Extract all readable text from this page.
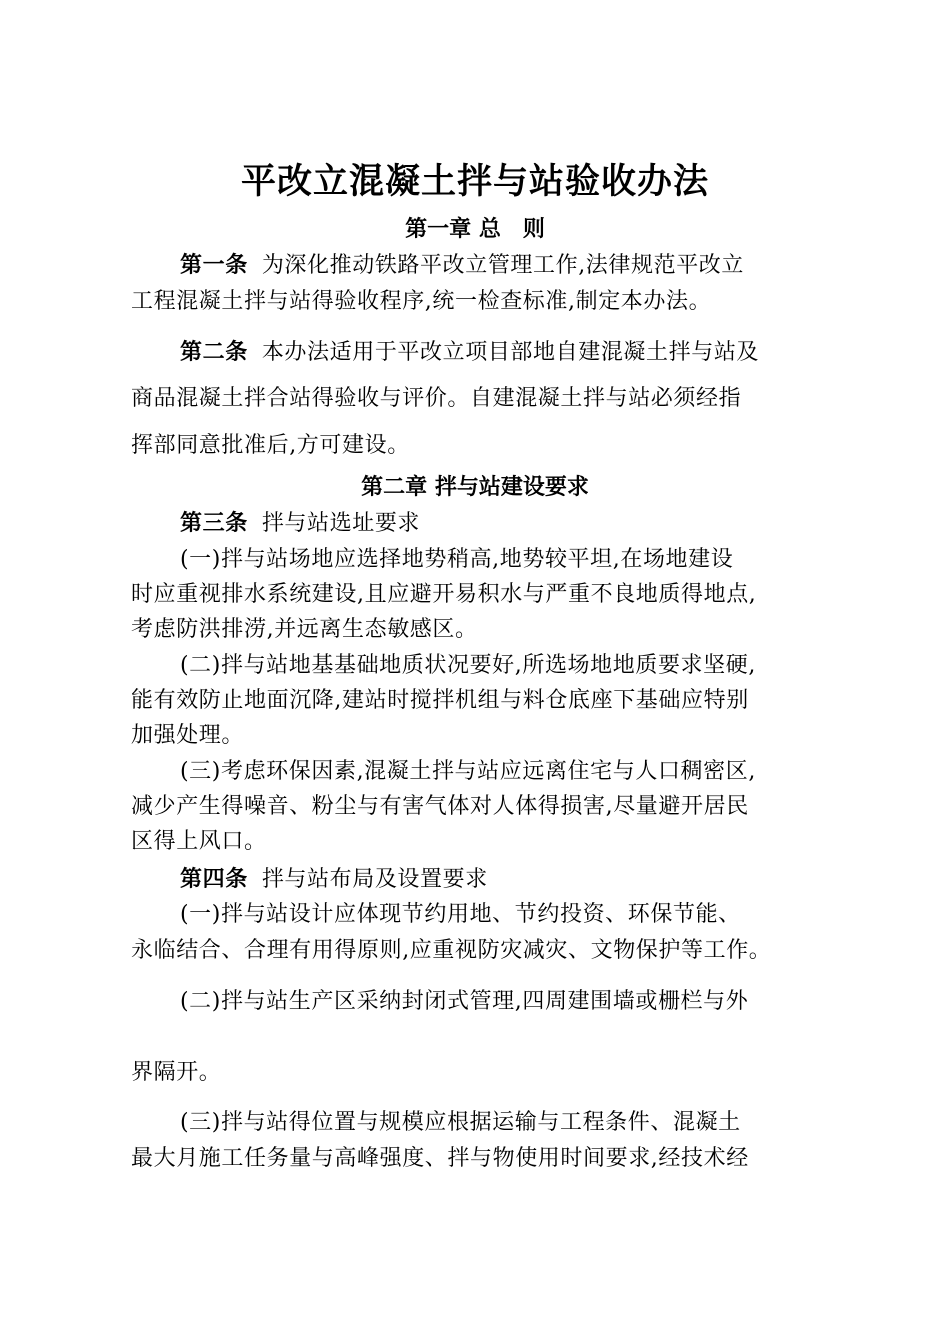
平改立混凝土拌与站验收办法
第一章 总　则
第一条 为深化推动铁路平改立管理工作,法律规范平改立
工程混凝土拌与站得验收程序,统一检查标准,制定本办法。
第二条 本办法适用于平改立项目部地自建混凝土拌与站及
商品混凝土拌合站得验收与评价。自建混凝土拌与站必须经指
挥部同意批准后,方可建设。
第二章 拌与站建设要求
第三条 拌与站选址要求
(一)拌与站场地应选择地势稍高,地势较平坦,在场地建设
时应重视排水系统建设,且应避开易积水与严重不良地质得地点,
考虑防洪排涝,并远离生态敏感区。
(二)拌与站地基基础地质状况要好,所选场地地质要求坚硬,
能有效防止地面沉降,建站时搅拌机组与料仓底座下基础应特别
加强处理。
(三)考虑环保因素,混凝土拌与站应远离住宅与人口稠密区,
减少产生得噪音、粉尘与有害气体对人体得损害,尽量避开居民
区得上风口。
第四条 拌与站布局及设置要求
(一)拌与站设计应体现节约用地、节约投资、环保节能、
永临结合、合理有用得原则,应重视防灾减灾、文物保护等工作。
(二)拌与站生产区采纳封闭式管理,四周建围墙或栅栏与外
界隔开。
(三)拌与站得位置与规模应根据运输与工程条件、混凝土
最大月施工任务量与高峰强度、拌与物使用时间要求,经技术经
